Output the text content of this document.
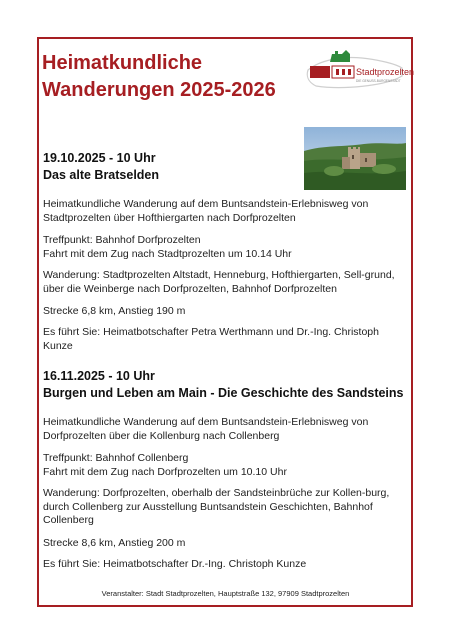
Heimatkundliche
Wanderungen 2025-2026
Stadtprozelten
DIE GENUSS-BURGENSTADT
19.10.2025 - 10 Uhr
Das alte Bratselden

Heimatkundliche Wanderung auf dem Buntsandstein-Erlebnisweg von Stadtprozelten über Hofthiergarten nach Dorfprozelten

Treffpunkt: Bahnhof Dorfprozelten

Fahrt mit dem Zug nach Stadtprozelten um 10.14 Uhr

Wanderung: Stadtprozelten Altstadt, Henneburg, Hofthiergarten, Sell-grund, über die Weinberge nach Dorfprozelten, Bahnhof Dorfprozelten

Strecke 6,8 km, Anstieg 190 m

Es führt Sie: Heimatbotschafter Petra Werthmann und Dr.-Ing. Christoph Kunze

16.11.2025 - 10 Uhr
Burgen und Leben am Main - Die Geschichte des Sandsteins

Heimatkundliche Wanderung auf dem Buntsandstein-Erlebnisweg von Dorfprozelten über die Kollenburg nach Collenberg

Treffpunkt: Bahnhof Collenberg

Fahrt mit dem Zug nach Dorfprozelten um 10.10 Uhr

Wanderung: Dorfprozelten, oberhalb der Sandsteinbrüche zur Kollen-burg, durch Collenberg zur Ausstellung Buntsandstein Geschichten, Bahnhof Collenberg

Strecke 8,6 km, Anstieg 200 m

Es führt Sie: Heimatbotschafter Dr.-Ing. Christoph Kunze

Veranstalter: Stadt Stadtprozelten, Hauptstraße 132, 97909 Stadtprozelten
